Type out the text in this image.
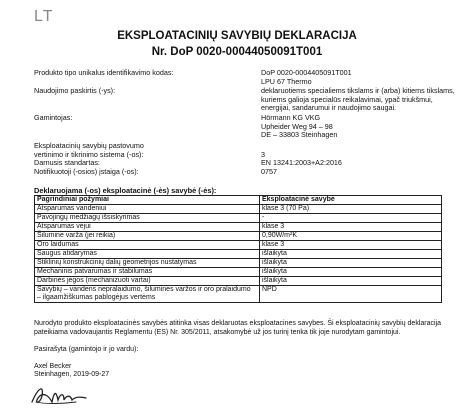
LT
EKSPLOATACINIŲ SAVYBIŲ DEKLARACIJA
Nr. DoP 0020-00044050091T001
Produkto tipo unikalus identifikavimo kodas:	DoP 0020-0004405091T001
LPU 67 Thermo
Naudojimo paskirtis (-ys):	deklaruotiems specialiems tikslams ir (arba) kitiems tikslams,
kuriems galioja specialūs reikalavimai, ypač triukšmui,
energijai, sandarumui ir naudojimo saugai.
Gamintojas:	Hörmann KG VKG
Upheider Weg 94 – 98
DE – 33803 Steinhagen
Eksploatacinių savybių pastovumo
vertinimo ir tikrinimo sistema (-os):	3
Darnusis standartas:	EN 13241:2003+A2:2016
Notifikuotoji (-osios) įstaiga (-os):	0757
Deklaruojama (-os) eksploatacinė (-ės) savybė (-ės):
Pagrindiniai požymiai	Eksploatacinė savybė
Atsparumas vandeniui	klase 3 (70 Pa)
Pavojingų medžiagų išsiskyrimas	-
Atsparumas vėjui	klase 3
Šilumine varža (jei reikia)	0,90W/m²K
Oro laidumas	klase 3
Saugus atidarymas	išlaikyta
Stiklinių konstrukcinių dalių geometrijos nustatymas	išlaikyta
Mechaninis patvarumas ir stabilumas	išlaikyta
Darbinės jėgos (mechanizuoti vartai)	išlaikyta
Savybių – vandens nepralaidumo, šilumines varžos ir oro pralaidumo
– ilgaamžiškumas pablogėjus vertėms	NPD
Nurodyto produkto eksploatacinės savybės atitinka visas deklaruotas eksploatacines savybes. Ši eksploatacinių savybių deklaracija pateikiama vadovaujantis Reglamentu (ES) Nr. 305/2011, atsakomybė už jos turinį tenka tik joje nurodytam gamintojui.
Pasirašyta (gamintojo ir jo vardu):
Axel Becker
Steinhagen, 2019-09-27
